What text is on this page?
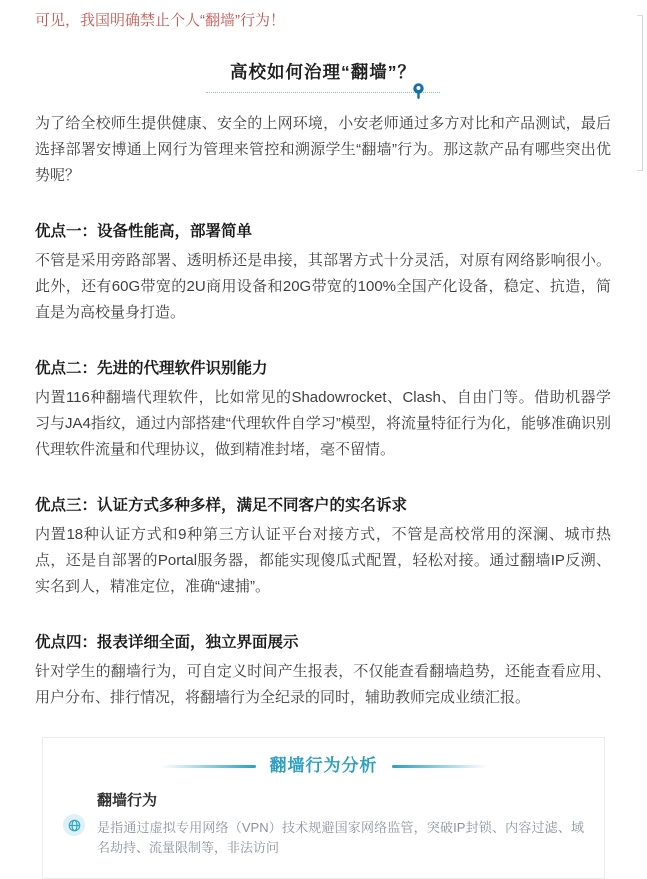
可见，我国明确禁止个人“翻墙”行为！

高校如何治理“翻墙”？

为了给全校师生提供健康、安全的上网环境，小安老师通过多方对比和产品测试，最后选择部署安博通上网行为管理来管控和溯源学生“翻墙”行为。那这款产品有哪些突出优势呢？

优点一：设备性能高，部署简单

不管是采用旁路部署、透明桥还是串接，其部署方式十分灵活，对原有网络影响很小。此外，还有60G带宽的2U商用设备和20G带宽的100%全国产化设备，稳定、抗造，简直是为高校量身打造。

优点二：先进的代理软件识别能力

内置116种翻墙代理软件，比如常见的Shadowrocket、Clash、自由门等。借助机器学习与JA4指纹，通过内部搭建“代理软件自学习”模型，将流量特征行为化，能够准确识别代理软件流量和代理协议，做到精准封堵，毫不留情。

优点三：认证方式多种多样，满足不同客户的实名诉求

内置18种认证方式和9种第三方认证平台对接方式，不管是高校常用的深澜、城市热点，还是自部署的Portal服务器，都能实现傻瓜式配置，轻松对接。通过翻墙IP反溯、实名到人，精准定位，准确“逮捕”。

优点四：报表详细全面，独立界面展示

针对学生的翻墙行为，可自定义时间产生报表，不仅能查看翻墙趋势，还能查看应用、用户分布、排行情况，将翻墙行为全纪录的同时，辅助教师完成业绩汇报。

翻墙行为分析
翻墙行为

是指通过虚拟专用网络（VPN）技术规避国家网络监管，突破IP封锁、内容过滤、域名劫持、流量限制等，非法访问
